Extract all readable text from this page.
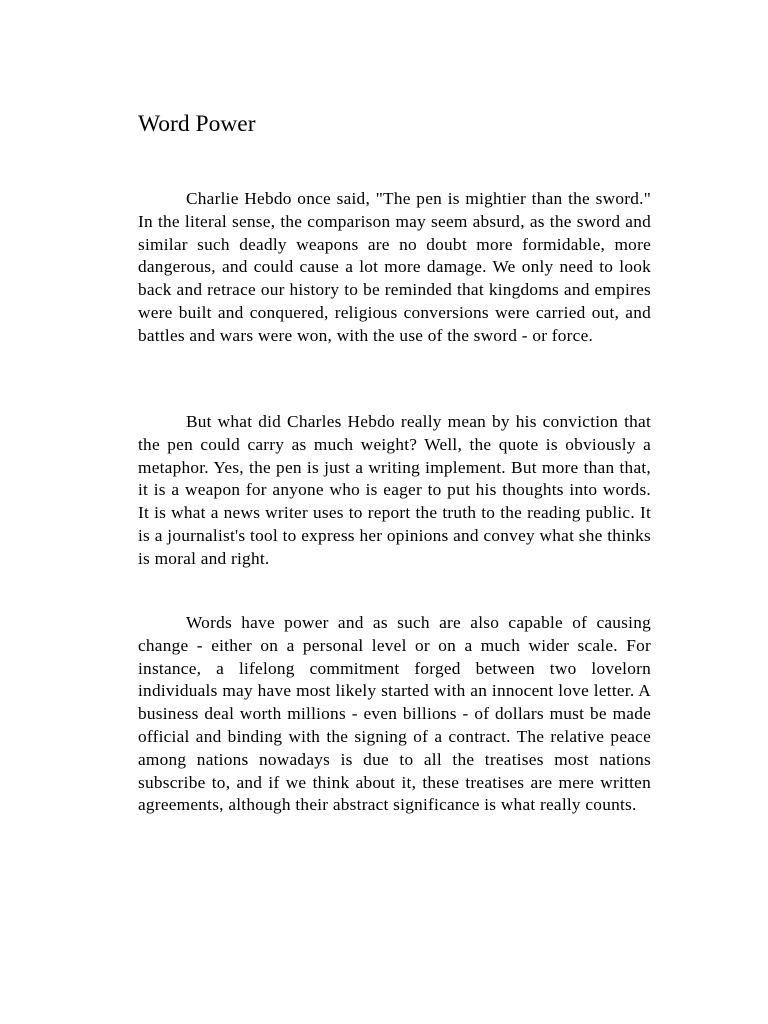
Word Power

Charlie Hebdo once said, "The pen is mightier than the sword." In the literal sense, the comparison may seem absurd, as the sword and similar such deadly weapons are no doubt more formidable, more dangerous, and could cause a lot more damage. We only need to look back and retrace our history to be reminded that kingdoms and empires were built and conquered, religious conversions were carried out, and battles and wars were won, with the use of the sword - or force.

But what did Charles Hebdo really mean by his conviction that the pen could carry as much weight? Well, the quote is obviously a metaphor. Yes, the pen is just a writing implement. But more than that, it is a weapon for anyone who is eager to put his thoughts into words. It is what a news writer uses to report the truth to the reading public. It is a journalist's tool to express her opinions and convey what she thinks is moral and right.

Words have power and as such are also capable of causing change - either on a personal level or on a much wider scale. For instance, a lifelong commitment forged between two lovelorn individuals may have most likely started with an innocent love letter. A business deal worth millions - even billions - of dollars must be made official and binding with the signing of a contract. The relative peace among nations nowadays is due to all the treatises most nations subscribe to, and if we think about it, these treatises are mere written agreements, although their abstract significance is what really counts.
